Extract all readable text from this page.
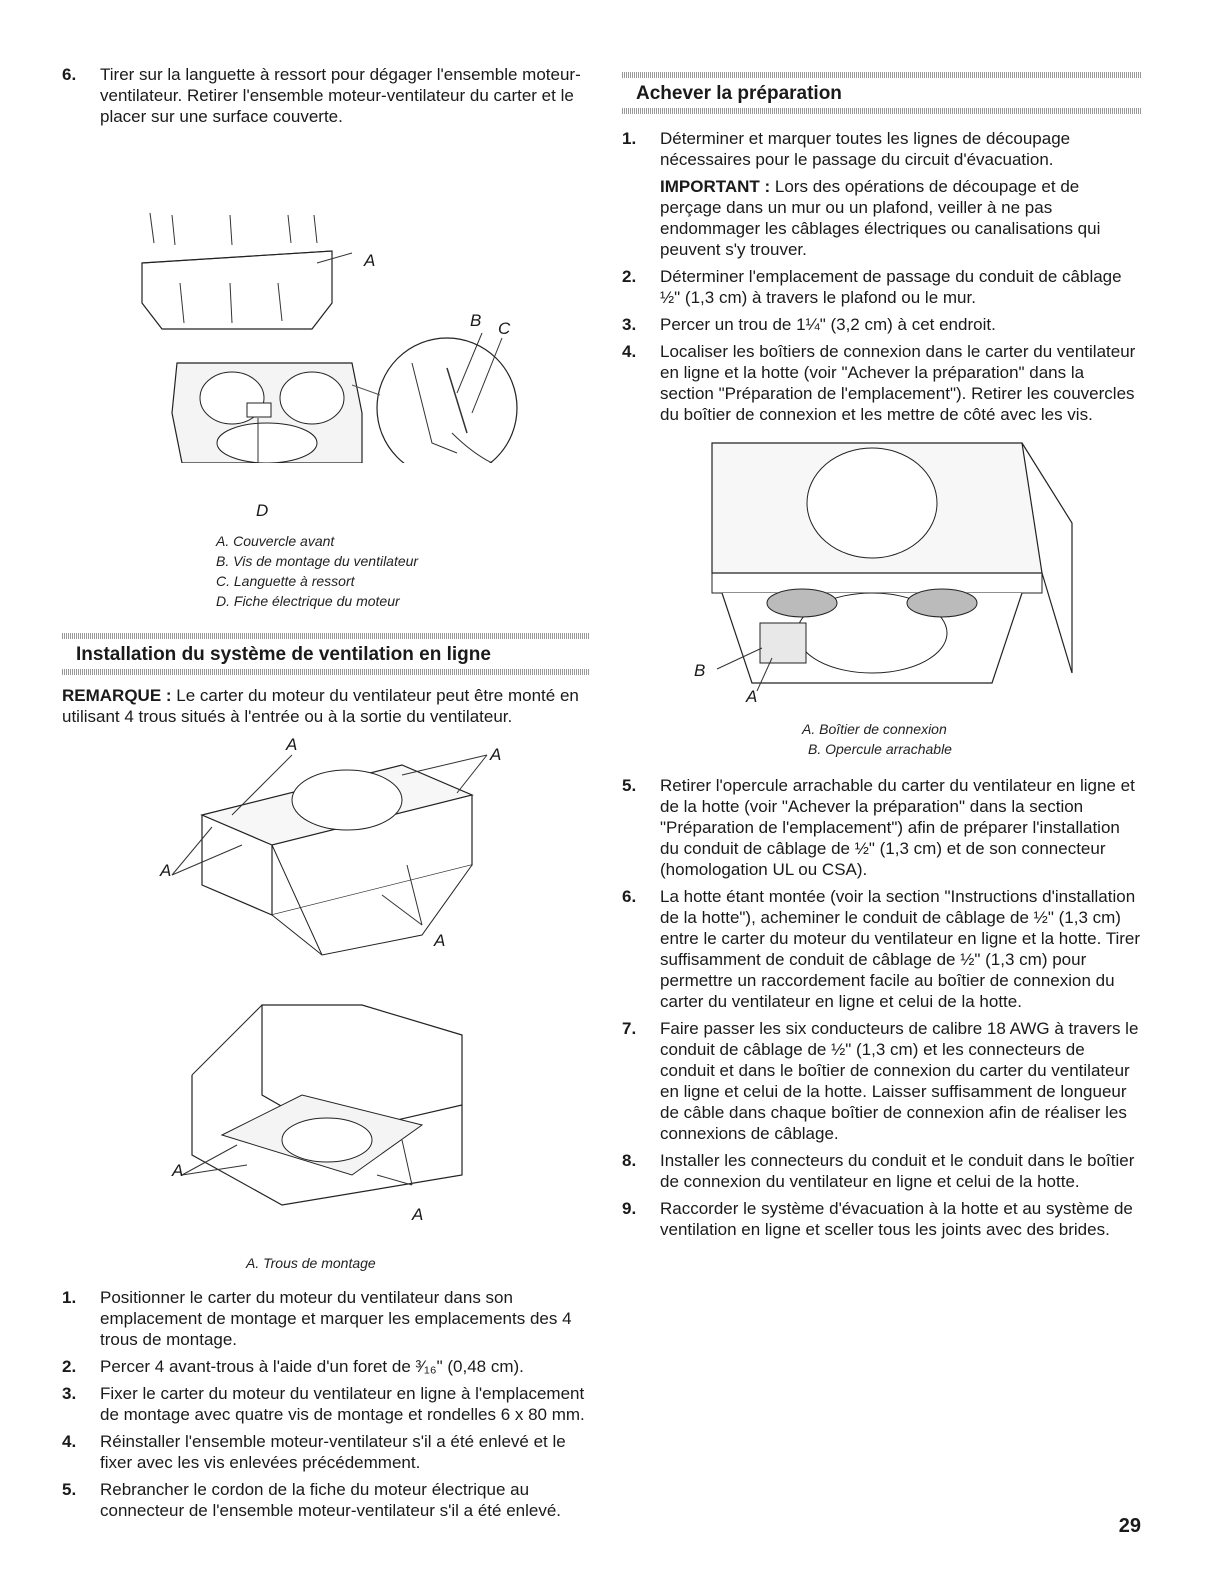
6.	Tirer sur la languette à ressort pour dégager l'ensemble moteur-ventilateur. Retirer l'ensemble moteur-ventilateur du carter et le placer sur une surface couverte.
A
B C
D
A. Couvercle avant
B. Vis de montage du ventilateur
C. Languette à ressort
D. Fiche électrique du moteur
Installation du système de ventilation en ligne

REMARQUE : Le carter du moteur du ventilateur peut être monté en utilisant 4 trous situés à l'entrée ou à la sortie du ventilateur.

A
A
A
A
A
A
A. Trous de montage
1.	Positionner le carter du moteur du ventilateur dans son emplacement de montage et marquer les emplacements des 4 trous de montage.
2.	Percer 4 avant-trous à l'aide d'un foret de ³⁄₁₆" (0,48 cm).
3.	Fixer le carter du moteur du ventilateur en ligne à l'emplacement de montage avec quatre vis de montage et rondelles 6 x 80 mm.
4.	Réinstaller l'ensemble moteur-ventilateur s'il a été enlevé et le fixer avec les vis enlevées précédemment.
5.	Rebrancher le cordon de la fiche du moteur électrique au connecteur de l'ensemble moteur-ventilateur s'il a été enlevé.
Achever la préparation
1.	Déterminer et marquer toutes les lignes de découpage nécessaires pour le passage du circuit d'évacuation.

IMPORTANT : Lors des opérations de découpage et de perçage dans un mur ou un plafond, veiller à ne pas endommager les câblages électriques ou canalisations qui peuvent s'y trouver.

2.	Déterminer l'emplacement de passage du conduit de câblage ½" (1,3 cm) à travers le plafond ou le mur.
3.	Percer un trou de 1¼" (3,2 cm) à cet endroit.
4.	Localiser les boîtiers de connexion dans le carter du ventilateur en ligne et la hotte (voir "Achever la préparation" dans la section "Préparation de l'emplacement"). Retirer les couvercles du boîtier de connexion et les mettre de côté avec les vis.
B
A
A. Boîtier de connexion
B. Opercule arrachable
5.	Retirer l'opercule arrachable du carter du ventilateur en ligne et de la hotte (voir "Achever la préparation" dans la section "Préparation de l'emplacement") afin de préparer l'installation du conduit de câblage de ½" (1,3 cm) et de son connecteur (homologation UL ou CSA).
6.	La hotte étant montée (voir la section "Instructions d'installation de la hotte"), acheminer le conduit de câblage de ½" (1,3 cm) entre le carter du moteur du ventilateur en ligne et la hotte. Tirer suffisamment de conduit de câblage de ½" (1,3 cm) pour permettre un raccordement facile au boîtier de connexion du carter du ventilateur en ligne et celui de la hotte.
7.	Faire passer les six conducteurs de calibre 18 AWG à travers le conduit de câblage de ½" (1,3 cm) et les connecteurs de conduit et dans le boîtier de connexion du carter du ventilateur en ligne et celui de la hotte. Laisser suffisamment de longueur de câble dans chaque boîtier de connexion afin de réaliser les connexions de câblage.
8.	Installer les connecteurs du conduit et le conduit dans le boîtier de connexion du ventilateur en ligne et celui de la hotte.
9.	Raccorder le système d'évacuation à la hotte et au système de ventilation en ligne et sceller tous les joints avec des brides.
29
